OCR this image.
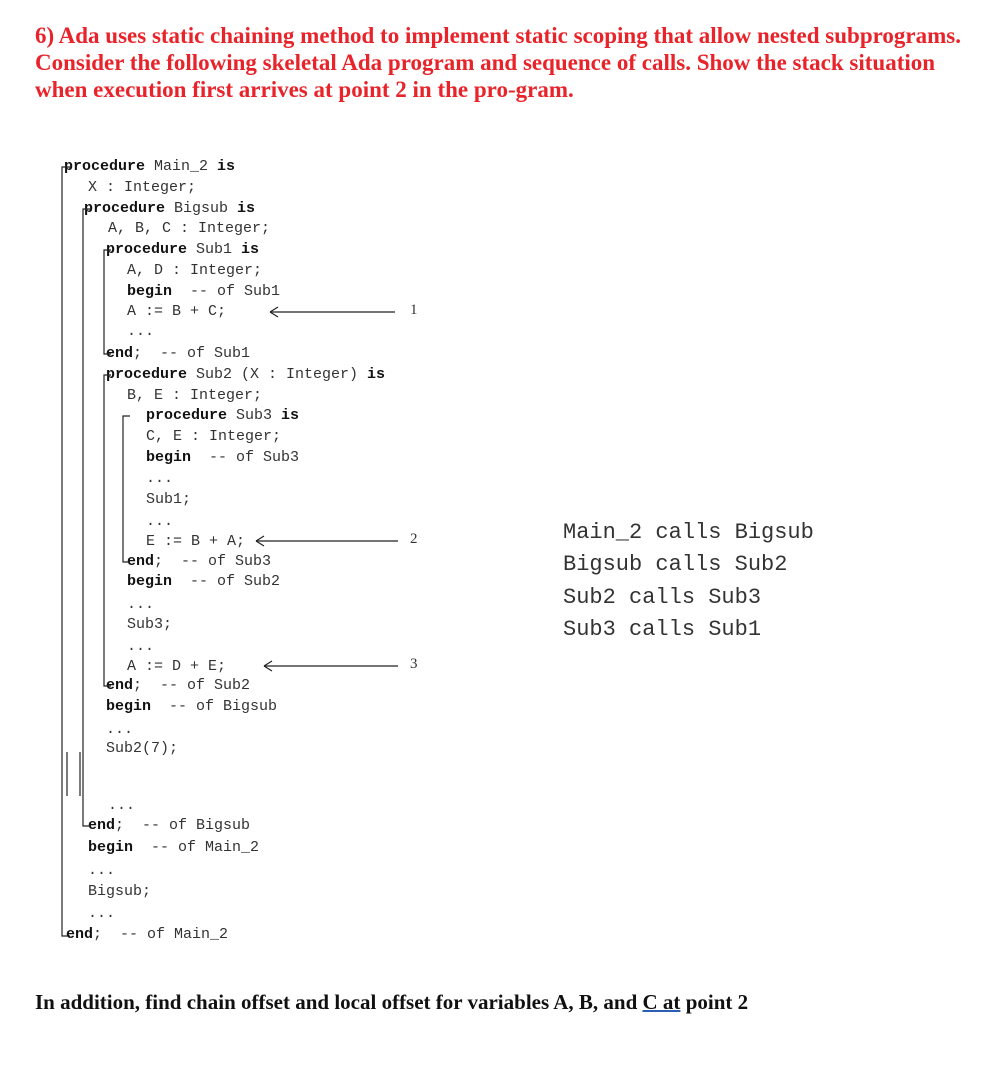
6) Ada uses static chaining method to implement static scoping that allow nested subprograms. Consider the following skeletal Ada program and sequence of calls. Show the stack situation when execution first arrives at point 2 in the pro-gram.
procedure Main_2 is
X : Integer;
procedure Bigsub is
A, B, C : Integer;
procedure Sub1 is
A, D : Integer;
begin  -- of Sub1
A := B + C;
...
end;  -- of Sub1
procedure Sub2 (X : Integer) is
B, E : Integer;
procedure Sub3 is
C, E : Integer;
begin  -- of Sub3
...
Sub1;
...
E := B + A;
end;  -- of Sub3
begin  -- of Sub2
...
Sub3;
...
A := D + E;
end;  -- of Sub2
begin  -- of Bigsub
...
Sub2(7);
...
end;  -- of Bigsub
begin  -- of Main_2
...
Bigsub;
...
end;  -- of Main_2
1
2
3
Main_2 calls Bigsub
Bigsub calls Sub2
Sub2 calls Sub3
Sub3 calls Sub1
In addition, find chain offset and local offset for variables A, B, and C at point 2
